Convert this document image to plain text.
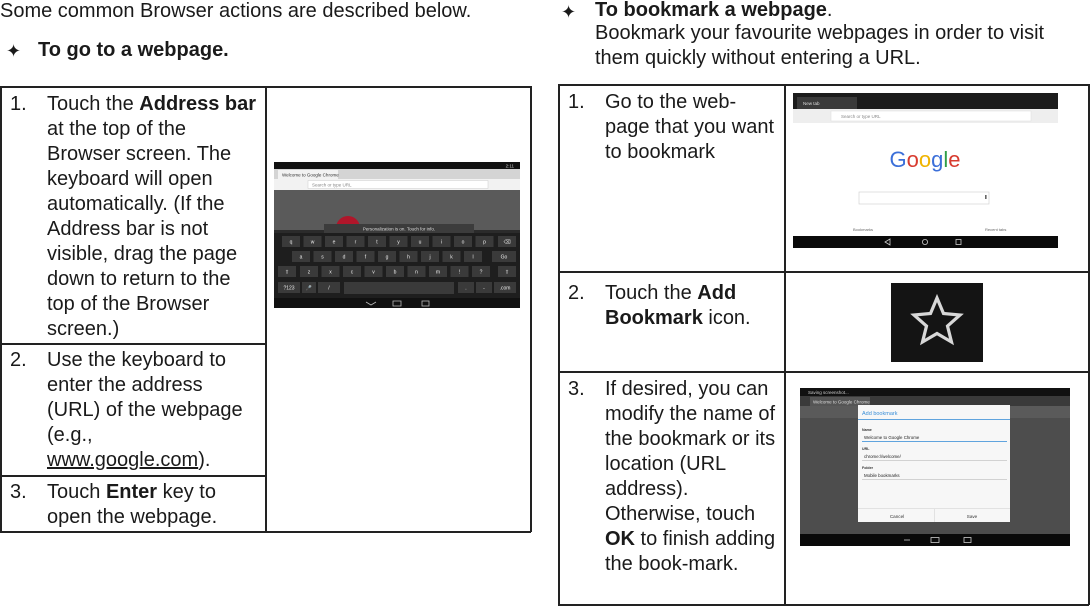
Some common Browser actions are described below.
✦ To go to a webpage.
1. Touch the Address bar at the top of the Browser screen. The keyboard will open automatically. (If the Address bar is not visible, drag the page down to return to the top of the Browser screen.)
2. Use the keyboard to enter the address (URL) of the webpage (e.g., www.google.com).
3. Touch Enter key to open the webpage.
2:11
Welcome to Google Chrome
Search or type URL
Personalization is on. Touch for info.
q	w	e	r	t	y	u	i	o	p	⌫
a	s	d	f	g	h	j	k	l	Go
⇧	z	x	c	v	b	n	m	!	?	⇧
?123 🎤	/	.	-	.com
✦ To bookmark a webpage.
Bookmark your favourite webpages in order to visit them quickly without entering a URL.
1. Go to the web-page that you want to bookmark
2. Touch the Add Bookmark icon.
3. If desired, you can modify the name of the bookmark or its location (URL address). Otherwise, touch OK to finish adding the book-mark.
New tab
Search or type URL
Google
Bookmarks	Recent tabs
Saving screenshot...
Welcome to Google Chrome
Add bookmark
Name
Welcome to Google Chrome
URL
chrome://welcome/
Folder
Mobile bookmarks
Cancel	Save
